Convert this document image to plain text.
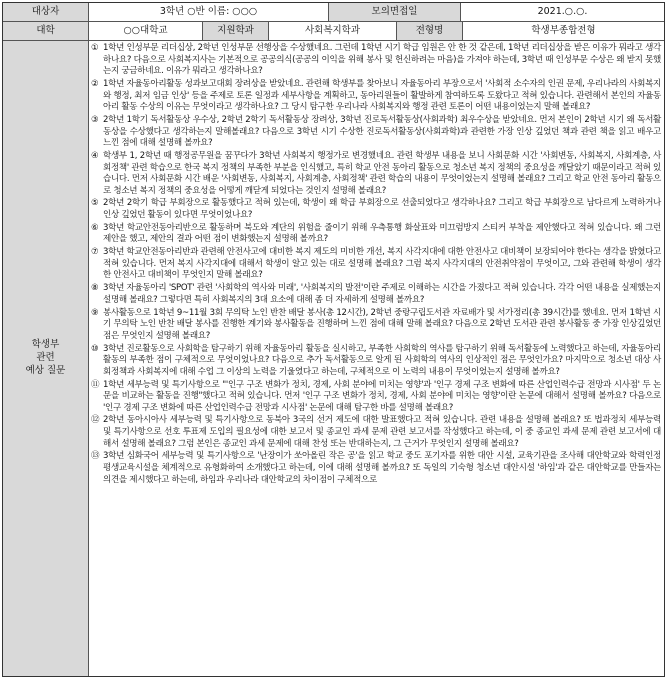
대상자	3학년 ○반 이름: ○○○	모의면접일	2021.○.○.
대학	○○대학교	지원학과	사회복지학과	전형명	학생부종합전형
학생부
관련
예상 질문
① 1학년 인성부문 리더십상, 2학년 인성부문 선행상을 수상했네요. 그런데 1학년 시기 학급 임원은 안 한 것 같은데, 1학년 리더십상을 받은 이유가 뭐라고 생각하나요? 다음으로 사회복지사는 기본적으로 공공의식(공공의 이익을 위해 봉사 및 헌신하려는 마음)을 가져야 하는데, 3학년 때 인성부문 수상은 왜 받지 못했는지 궁금하네요. 이유가 뭐라고 생각하나요?
② 1학년 자율동아리활동 성과보고대회 장려상을 받았네요. 관련해 학생부를 찾아보니 자율동아리 부장으로서 '사회적 소수자의 인권 문제, 우리나라의 사회복지와 행정, 최저 임금 인상' 등을 주제로 토론 일정과 세부사항을 계획하고, 동아리원들이 활발하게 참여하도록 도왔다고 적혀 있습니다. 관련해서 본인의 자율동아리 활동 수상의 이유는 무엇이라고 생각하나요? 그 당시 탐구한 우리나라 사회복지와 행정 관련 토론이 어떤 내용이었는지 말해 볼래요?
③ 2학년 1학기 독서활동상 우수상, 2학년 2학기 독서활동상 장려상, 3학년 진로독서활동상(사회과학) 최우수상을 받았네요. 먼저 본인이 2학년 시기 왜 독서활동상을 수상했다고 생각하는지 말해볼래요? 다음으로 3학년 시기 수상한 진로독서활동상(사회과학)과 관련한 가장 인상 깊었던 책과 관련 책을 읽고 배우고 느낀 점에 대해 설명해 볼까요?
④ 학생부 1, 2학년 때 행정공무원을 꿈꾸다가 3학년 사회복지 행정가로 변경했네요. 관련 학생부 내용을 보니 사회문화 시간 '사회변동, 사회복지, 사회계층, 사회정책' 관련 학습으로 한국 복지 정책의 부족한 부분을 인식했고, 특히 학교 안전 동아리 활동으로 청소년 복지 정책의 중요성을 깨달았기 때문이라고 적혀 있습니다. 먼저 사회문화 시간 배운 '사회변동, 사회복지, 사회계층, 사회정책' 관련 학습의 내용이 무엇이었는지 설명해 볼래요? 그리고 학교 안전 동아리 활동으로 청소년 복지 정책의 중요성을 어떻게 깨닫게 되었다는 것인지 설명해 볼래요?
⑤ 2학년 2학기 학급 부회장으로 활동했다고 적혀 있는데, 학생이 왜 학급 부회장으로 선출되었다고 생각하나요? 그리고 학급 부회장으로 남다르게 노력하거나 인상 깊었던 활동이 있다면 무엇이었나요?
⑥ 3학년 학교안전동아리반으로 활동하며 북도와 계단의 위험을 줄이기 위해 우측통행 화살표와 미끄럼방지 스티커 부착을 제안했다고 적혀 있습니다. 왜 그런 제안을 했고, 제안의 결과 어떤 점이 변화했는지 설명해 볼까요?
⑦ 3학년 학교안전동아리반과 관련해 안전사고에 대비한 복지 제도의 미비한 개선, 복지 사각지대에 대한 안전사고 대비책이 보장되어야 한다는 생각을 밝혔다고 적혀 있습니다. 먼저 복지 사각지대에 대해서 학생이 알고 있는 대로 설명해 볼래요? 그럼 복지 사각지대의 안전취약점이 무엇이고, 그와 관련해 학생이 생각한 안전사고 대비책이 무엇인지 말해 볼래요?
⑧ 3학년 자율동아리 'SPOT' 관련 '사회학의 역사와 미래', '사회복지의 발전'이란 주제로 이해하는 시간을 가졌다고 적혀 있습니다. 각각 어떤 내용을 실제했는지 설명해 볼래요? 그렇다면 특히 사회복지의 3대 요소에 대해 좀 더 자세하게 설명해 볼까요?
⑨ 봉사활동으로 1학년 9~11월 3회 무의탁 노인 반찬 배달 봉사(총 12시간), 2학년 중랑구립도서관 자료배가 및 서가정리(총 39시간)를 했네요. 먼저 1학년 시기 무의탁 노인 반찬 배달 봉사를 진행한 계기와 봉사활동을 진행하며 느낀 점에 대해 말해 볼래요? 다음으로 2학년 도서관 관련 봉사활동 중 가장 인상깊었던 점은 무엇인지 설명해 볼래요?
⑩ 3학년 진로활동으로 사회학을 탐구하기 위해 자율동아리 활동을 실시하고, 부족한 사회학의 역사를 탐구하기 위해 독서활동에 노력했다고 하는데, 자율동아리 활동의 부족한 점이 구체적으로 무엇이었나요? 다음으로 추가 독서활동으로 알게 된 사회학의 역사의 인상적인 점은 무엇인가요? 마지막으로 청소년 대상 사회정책과 사회복지에 대해 수업 그 이상의 노력을 기울였다고 하는데, 구체적으로 이 노력의 내용이 무엇이었는지 설명해 볼까요?
⑪ 1학년 세부능력 및 특기사항으로 "'인구 구조 변화가 정치, 경제, 사회 분야에 미치는 영향'과 '인구 경제 구조 변화에 따른 산업인력수급 전망과 시사점' 두 논문을 비교하는 활동을 진행"했다고 적혀 있습니다. 먼저 '인구 구조 변화가 정치, 경제, 사회 분야에 미치는 영향'이란 논문에 대해서 설명해 볼까요? 다음으로 '인구 경제 구조 변화에 따른 산업인력수급 전망과 시사점' 논문에 대해 탐구한 바를 설명해 볼래요?
⑫ 2학년 동아시아사 세부능력 및 특기사항으로 동북아 3국의 선거 제도에 대한 발표했다고 적혀 있습니다. 관련 내용을 설명해 볼래요? 또 법과정치 세부능력 및 특기사항으로 선호 투표제 도입의 필요성에 대한 보고서 및 종교인 과세 문제 관련 보고서를 작성했다고 하는데, 이 중 종교인 과세 문제 관련 보고서에 대해서 설명해 볼래요? 그럼 본인은 종교인 과세 문제에 대해 찬성 또는 반대하는지, 그 근거가 무엇인지 설명해 볼래요?
⑬ 3학년 심화국어 세부능력 및 특기사항으로 '난장이가 쏘아올린 작은 공'을 읽고 학교 중도 포기자를 위한 대안 시설, 교육기관을 조사해 대안학교와 학력인정 평생교육시설을 체계적으로 유형화하여 소개했다고 하는데, 이에 대해 설명해 볼까요? 또 독일의 기숙형 청소년 대안시설 '하임'과 같은 대안학교를 만들자는 의견을 제시했다고 하는데, 하임과 우리나라 대안학교의 차이점이 구체적으로
